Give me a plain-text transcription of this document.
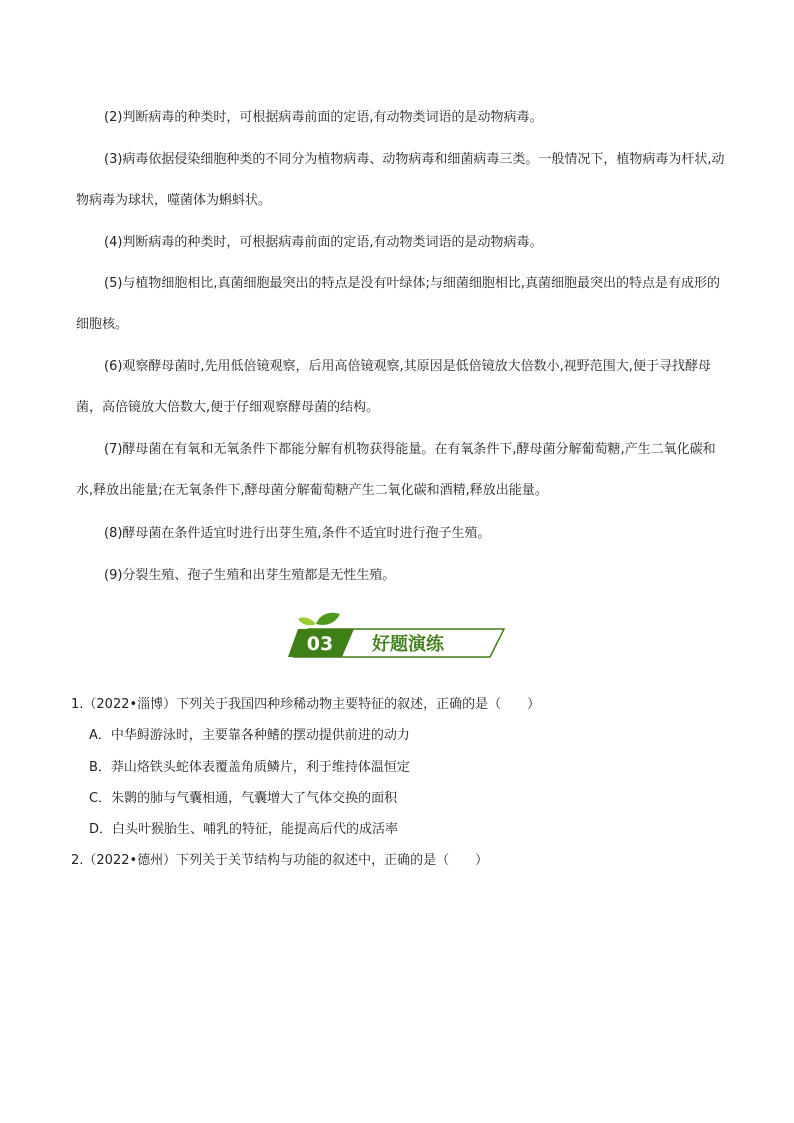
(2)判断病毒的种类时，可根据病毒前面的定语,有动物类词语的是动物病毒。

(3)病毒依据侵染细胞种类的不同分为植物病毒、动物病毒和细菌病毒三类。一般情况下，植物病毒为杆状,动物病毒为球状，噬菌体为蝌蚪状。

(4)判断病毒的种类时，可根据病毒前面的定语,有动物类词语的是动物病毒。

(5)与植物细胞相比,真菌细胞最突出的特点是没有叶绿体;与细菌细胞相比,真菌细胞最突出的特点是有成形的细胞核。

(6)观察酵母菌时,先用低倍镜观察，后用高倍镜观察,其原因是低倍镜放大倍数小,视野范围大,便于寻找酵母菌，高倍镜放大倍数大,便于仔细观察酵母菌的结构。

(7)酵母菌在有氧和无氧条件下都能分解有机物获得能量。在有氧条件下,酵母菌分解葡萄糖,产生二氧化碳和水,释放出能量;在无氧条件下,酵母菌分解葡萄糖产生二氧化碳和酒精,释放出能量。

(8)酵母菌在条件适宜时进行出芽生殖,条件不适宜时进行孢子生殖。

(9)分裂生殖、孢子生殖和出芽生殖都是无性生殖。

03 好题演练

1.（2022•淄博）下列关于我国四种珍稀动物主要特征的叙述，正确的是（　　）

A．中华鲟游泳时，主要靠各种鳍的摆动提供前进的动力

B．莽山烙铁头蛇体表覆盖角质鳞片，利于维持体温恒定

C．朱鹮的肺与气囊相通，气囊增大了气体交换的面积

D．白头叶猴胎生、哺乳的特征，能提高后代的成活率

2.（2022•德州）下列关于关节结构与功能的叙述中，正确的是（　　）
